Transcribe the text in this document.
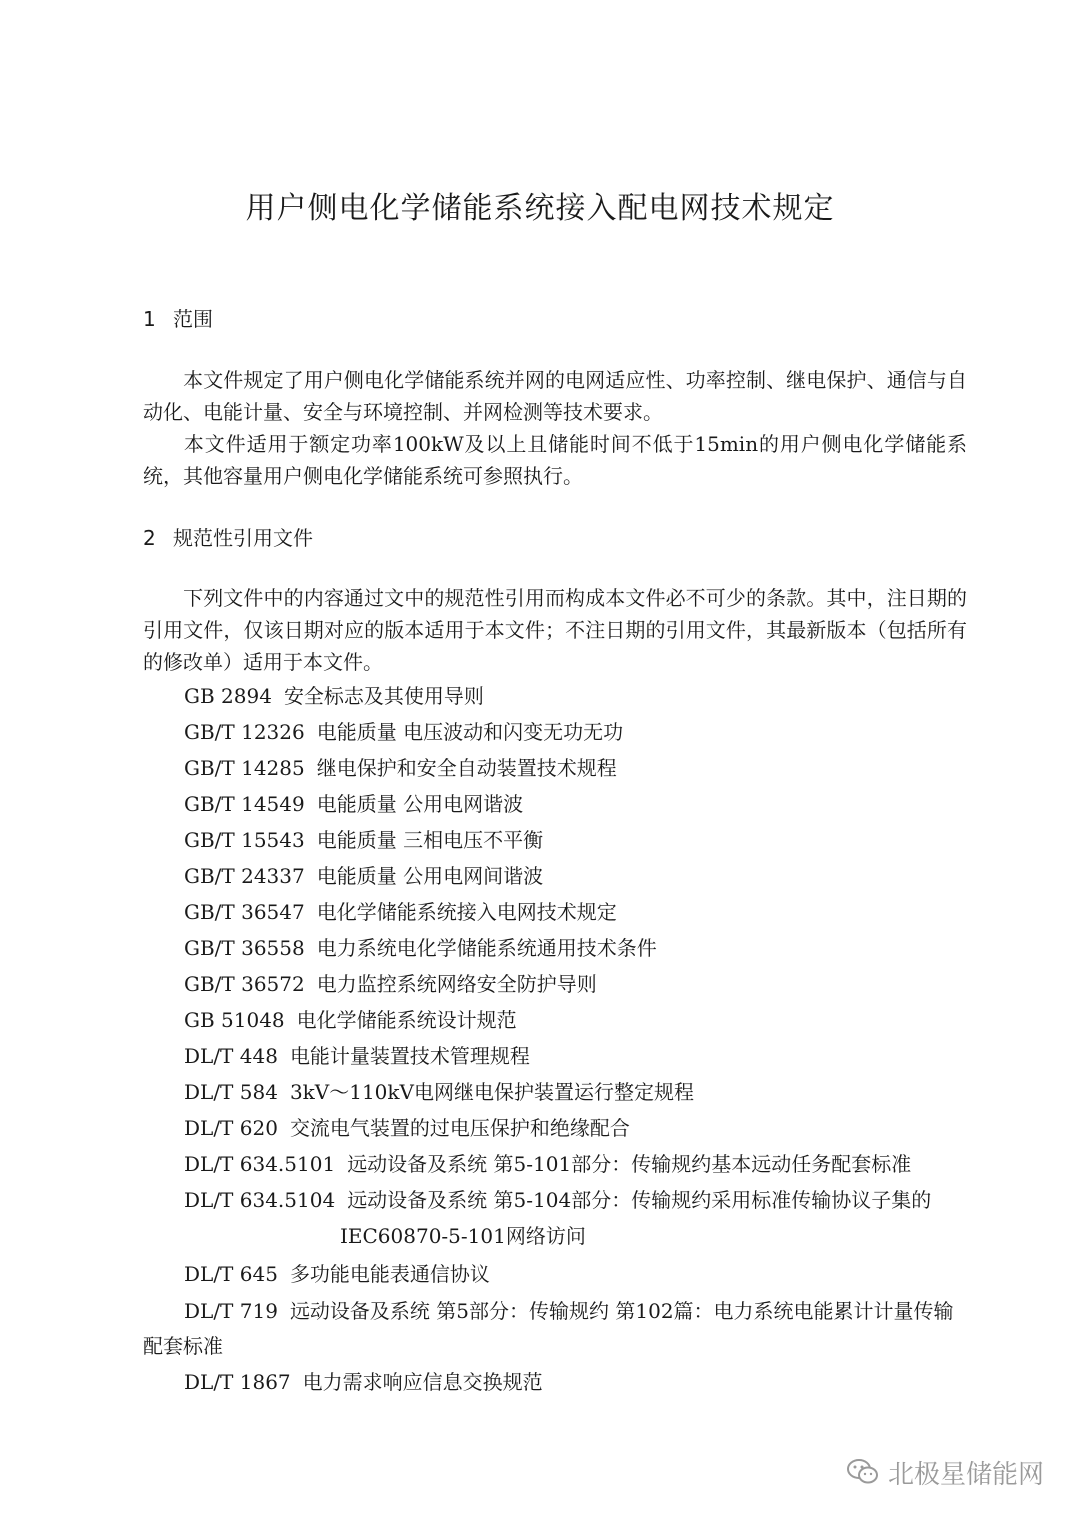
用户侧电化学储能系统接入配电网技术规定
1 范围

本文件规定了用户侧电化学储能系统并网的电网适应性、功率控制、继电保护、通信与自动化、电能计量、安全与环境控制、并网检测等技术要求。

本文件适用于额定功率100kW及以上且储能时间不低于15min的用户侧电化学储能系统，其他容量用户侧电化学储能系统可参照执行。

2 规范性引用文件

下列文件中的内容通过文中的规范性引用而构成本文件必不可少的条款。其中，注日期的引用文件，仅该日期对应的版本适用于本文件；不注日期的引用文件，其最新版本（包括所有的修改单）适用于本文件。

GB 2894 安全标志及其使用导则
GB/T 12326 电能质量 电压波动和闪变无功无功
GB/T 14285 继电保护和安全自动装置技术规程
GB/T 14549 电能质量 公用电网谐波
GB/T 15543 电能质量 三相电压不平衡
GB/T 24337 电能质量 公用电网间谐波
GB/T 36547 电化学储能系统接入电网技术规定
GB/T 36558 电力系统电化学储能系统通用技术条件
GB/T 36572 电力监控系统网络安全防护导则
GB 51048 电化学储能系统设计规范
DL/T 448 电能计量装置技术管理规程
DL/T 584 3kV～110kV电网继电保护装置运行整定规程
DL/T 620 交流电气装置的过电压保护和绝缘配合
DL/T 634.5101 远动设备及系统 第5-101部分：传输规约基本远动任务配套标准
DL/T 634.5104 远动设备及系统 第5-104部分：传输规约采用标准传输协议子集的
IEC60870-5-101网络访问
DL/T 645 多功能电能表通信协议
DL/T 719 远动设备及系统 第5部分：传输规约 第102篇：电力系统电能累计计量传输
配套标准
DL/T 1867 电力需求响应信息交换规范
北极星储能网
